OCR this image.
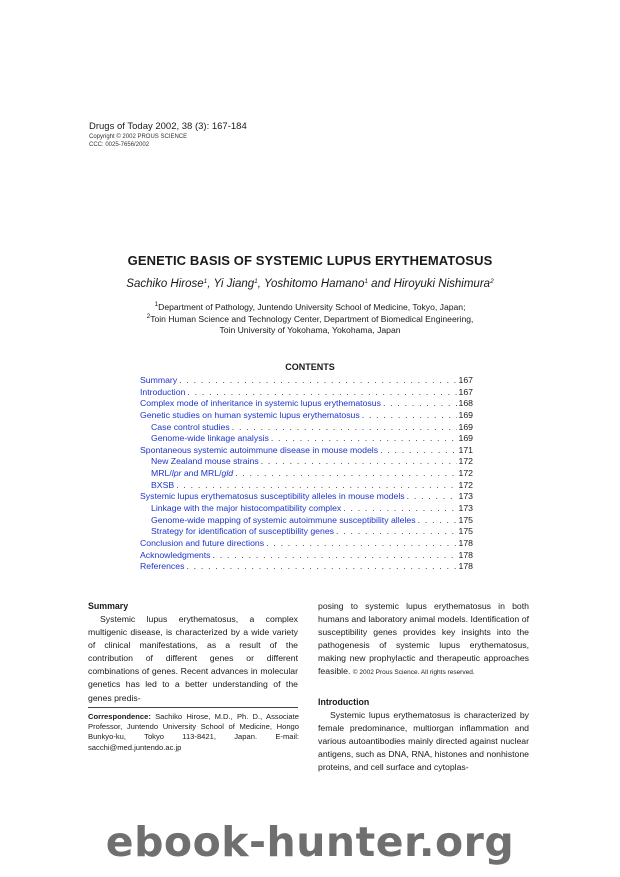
Drugs of Today 2002, 38 (3): 167-184
Copyright © 2002 PROUS SCIENCE
CCC: 0025-7656/2002
GENETIC BASIS OF SYSTEMIC LUPUS ERYTHEMATOSUS
Sachiko Hirose$^1$, Yi Jiang$^1$, Yoshitomo Hamano$^1$ and Hiroyuki Nishimura$^2$
$^1$Department of Pathology, Juntendo University School of Medicine, Tokyo, Japan;
$^2$Toin Human Science and Technology Center, Department of Biomedical Engineering,
Toin University of Yokohama, Yokohama, Japan
CONTENTS
Summary . . .	167
Introduction . . .	167
Complex mode of inheritance in systemic lupus erythematosus . . .	168
Genetic studies on human systemic lupus erythematosus . . .	169
Case control studies . . .	169
Genome-wide linkage analysis . . .	169
Spontaneous systemic autoimmune disease in mouse models . . .	171
New Zealand mouse strains . . .	172
MRL/lpr and MRL/gld . . .	172
BXSB . . .	172
Systemic lupus erythematosus susceptibility alleles in mouse models . . .	173
Linkage with the major histocompatibility complex . . .	173
Genome-wide mapping of systemic autoimmune susceptibility alleles . . .	175
Strategy for identification of susceptibility genes . . .	175
Conclusion and future directions . . .	178
Acknowledgments . . .	178
References . . .	178

Summary

Systemic lupus erythematosus, a complex multigenic disease, is characterized by a wide variety of clinical manifestations, as a result of the contribution of different genes or different combinations of genes. Recent advances in molecular genetics has led to a better understanding of the genes predis-

Correspondence: Sachiko Hirose, M.D., Ph. D., Associate Professor, Juntendo University School of Medicine, Hongo Bunkyo-ku, Tokyo 113-8421, Japan. E-mail: sacchi@med.juntendo.ac.jp

posing to systemic lupus erythematosus in both humans and laboratory animal models. Identification of susceptibility genes provides key insights into the pathogenesis of systemic lupus erythematosus, making new prophylactic and therapeutic approaches feasible. © 2002 Prous Science. All rights reserved.

Introduction

Systemic lupus erythematosus is characterized by female predominance, multiorgan inflammation and various autoantibodies mainly directed against nuclear antigens, such as DNA, RNA, histones and nonhistone proteins, and cell surface and cytoplas-

ebook-hunter.org
